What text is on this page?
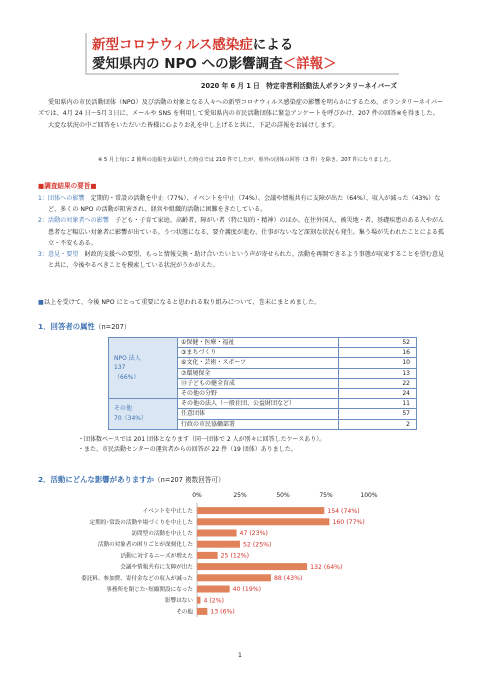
新型コロナウィルス感染症による
愛知県内の NPO への影響調査＜詳報＞
2020 年 6 月 1 日　特定非営利活動法人ボランタリーネイバーズ

愛知県内の市民活動団体（NPO）及び活動の対象となる人々への新型コロナウィルス感染症の影響を明らかにするため、ボランタリーネイバーズでは、4月 24 日～5月３日に、メールや SNS を利用して愛知県内の市民活動団体に緊急アンケートを呼びかけ、207 件の回答※を得ました。

大変な状況の中ご回答をいただいた皆様に心よりお礼を申し上げると共に、下記の詳報をお届けします。

※ 5 月上旬に 2 箇所の追報をお届けした時点では 210 件でしたが、県外の団体の回答（3 件）を除き、207 件になりました。
■調査結果の要旨■
1： 団体への影響　定期的・常設の活動を中止（77%）、イベントを中止（74%）、会議や情報共有に支障が出た（64%）、収入が減った（43%）など、多くの NPO の活動が阻害され、経営や組織的活動に困難をきたしている。
2： 活動の対象者への影響　子ども・子育て家庭、高齢者、障がい者（特に知的・精神）のほか、在住外国人、被災地・者、基礎疾患のある人やがん患者など幅広い対象者に影響が出ている。うつ状態になる、要介護度が進む、仕事がないなど深刻な状況も発生。集う場が失われたことによる孤立・不安もある。
3： 意見・要望　財政的支援への要望、もっと情報交換・助け合いたいという声が寄せられた。活動を再開できるよう事態が収束することを望む意見と共に、今後やるべきことを模索している状況がうかがえた。
■以上を受けて、今後 NPO にとって重要になると思われる取り組みについて、巻末にまとめました。
1．回答者の属性（n=207）
NPO 法人
137
（66%）	①保健・医療・福祉	52
	③まちづくり	16
	⑥文化・芸術・スポーツ	10
	⑦環境保全	13
	⑬子どもの健全育成	22
	その他の分野	24

その他
70（34%）	その他の法人（一般社団、公益財団など）	11
	任意団体	57
	行政の市民協働部署	2
・団体数ベースでは 201 団体となります（同一団体で 2 人が別々に回答したケースあり）。
・また、市民活動センターの運営者からの回答が 22 件（19 団体）ありました。
2．活動にどんな影響がありますか（n=207 複数回答可）
0%	25%	50%	75%	100%
イベントを中止した	154 (74%)
定期的･常設の活動や場づくりを中止した	160 (77%)
訪問型の活動を中止した	47 (23%)
活動の対象者の困りごとが深刻化した	52 (25%)
活動に対するニーズが増えた	25 (12%)
会議や情報共有に支障が出た	132 (64%)
委託料、参加費、寄付金などの収入が減った	88 (43%)
事務所を閉じた･短縮開設になった	40 (19%)
影響はない 4 (2%)
その他	13 (6%)
1
